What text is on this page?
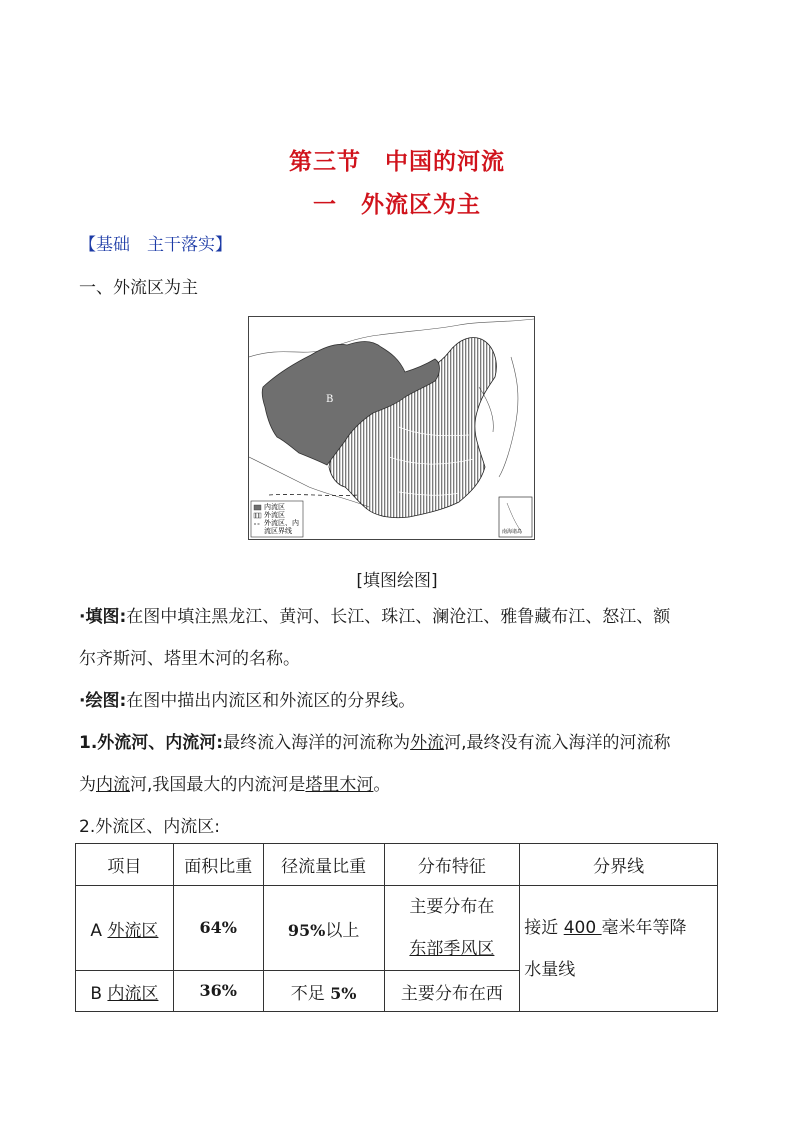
第三节　中国的河流
一　外流区为主
【基础　主干落实】
一、外流区为主
B
内流区
外流区
外流区、内
流区界线	南海诸岛
[填图绘图]
·填图:在图中填注黑龙江、黄河、长江、珠江、澜沧江、雅鲁藏布江、怒江、额
尔齐斯河、塔里木河的名称。
·绘图:在图中描出内流区和外流区的分界线。
1.外流河、内流河:最终流入海洋的河流称为外流河,最终没有流入海洋的河流称
为内流河,我国最大的内流河是塔里木河。
2.外流区、内流区:
项目	面积比重	径流量比重	分布特征	分界线
A 外流区	64%	95%以上	主要分布在
东部季风区	接近 400 毫米年等降
水量线
B 内流区	36%	不足 5%	主要分布在西	
